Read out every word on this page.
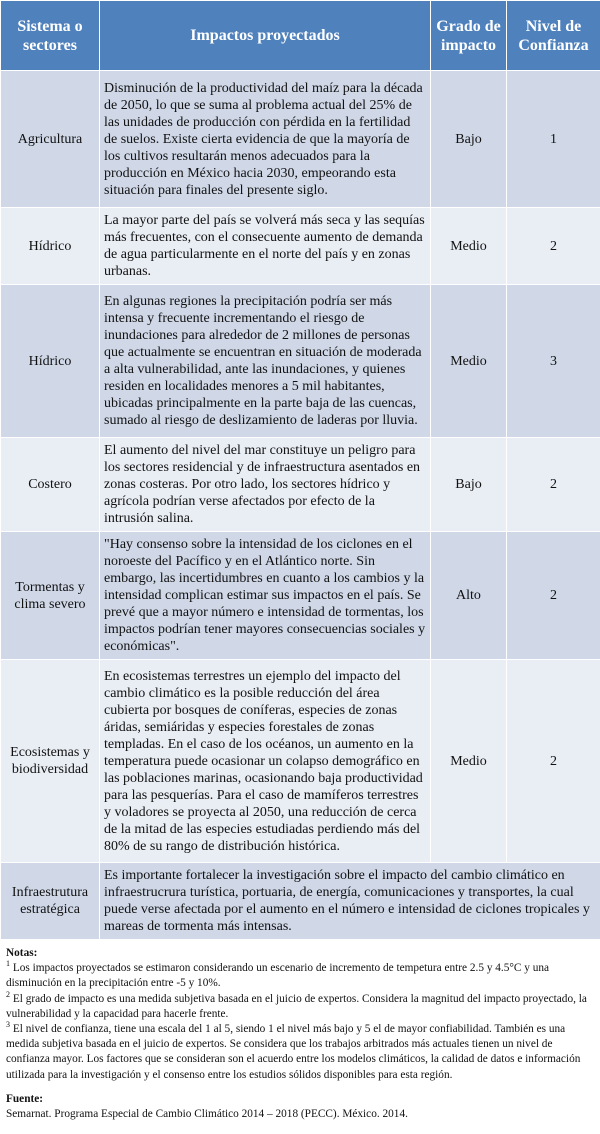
Sistema o sectores	Impactos proyectados	Grado de impacto	Nivel de Confianza
Agricultura	Disminución de la productividad del maíz para la década de 2050, lo que se suma al problema actual del 25% de las unidades de producción con pérdida en la fertilidad de suelos. Existe cierta evidencia de que la mayoría de los cultivos resultarán menos adecuados para la producción en México hacia 2030, empeorando esta situación para finales del presente siglo.	Bajo	1
Hídrico	La mayor parte del país se volverá más seca y las sequías más frecuentes, con el consecuente aumento de demanda de agua particularmente en el norte del país y en zonas urbanas.	Medio	2
Hídrico	En algunas regiones la precipitación podría ser más intensa y frecuente incrementando el riesgo de inundaciones para alrededor de 2 millones de personas que actualmente se encuentran en situación de moderada a alta vulnerabilidad, ante las inundaciones, y quienes residen en localidades menores a 5 mil habitantes, ubicadas principalmente en la parte baja de las cuencas, sumado al riesgo de deslizamiento de laderas por lluvia.	Medio	3
Costero	El aumento del nivel del mar constituye un peligro para los sectores residencial y de infraestructura asentados en zonas costeras. Por otro lado, los sectores hídrico y agrícola podrían verse afectados por efecto de la intrusión salina.	Bajo	2
Tormentas y clima severo	"Hay consenso sobre la intensidad de los ciclones en el noroeste del Pacífico y en el Atlántico norte. Sin embargo, las incertidumbres en cuanto a los cambios y la intensidad complican estimar sus impactos en el país. Se prevé que a mayor número e intensidad de tormentas, los impactos podrían tener mayores consecuencias sociales y económicas".	Alto	2
Ecosistemas y biodiversidad	En ecosistemas terrestres un ejemplo del impacto del cambio climático es la posible reducción del área cubierta por bosques de coníferas, especies de zonas áridas, semiáridas y especies forestales de zonas templadas. En el caso de los océanos, un aumento en la temperatura puede ocasionar un colapso demográfico en las poblaciones marinas, ocasionando baja productividad para las pesquerías. Para el caso de mamíferos terrestres y voladores se proyecta al 2050, una reducción de cerca de la mitad de las especies estudiadas perdiendo más del 80% de su rango de distribución histórica.	Medio	2
Infraestrutura estratégica	Es importante fortalecer la investigación sobre el impacto del cambio climático en infraestrucrura turística, portuaria, de energía, comunicaciones y transportes, la cual puede verse afectada por el aumento en el número e intensidad de ciclones tropicales y mareas de tormenta más intensas.		

Notas:

$^1$ Los impactos proyectados se estimaron considerando un escenario de incremento de tempetura entre 2.5 y 4.5°C y una disminución en la precipitación entre -5 y 10%.

$^2$ El grado de impacto es una medida subjetiva basada en el juicio de expertos. Considera la magnitud del impacto proyectado, la vulnerabilidad y la capacidad para hacerle frente.

$^3$ El nivel de confianza, tiene una escala del 1 al 5, siendo 1 el nivel más bajo y 5 el de mayor confiabilidad. También es una medida subjetiva basada en el juicio de expertos. Se considera que los trabajos arbitrados más actuales tienen un nivel de confianza mayor. Los factores que se consideran son el acuerdo entre los modelos climáticos, la calidad de datos e información utilizada para la investigación y el consenso entre los estudios sólidos disponibles para esta región.

Fuente:

Semarnat. Programa Especial de Cambio Climático 2014 – 2018 (PECC). México. 2014.
